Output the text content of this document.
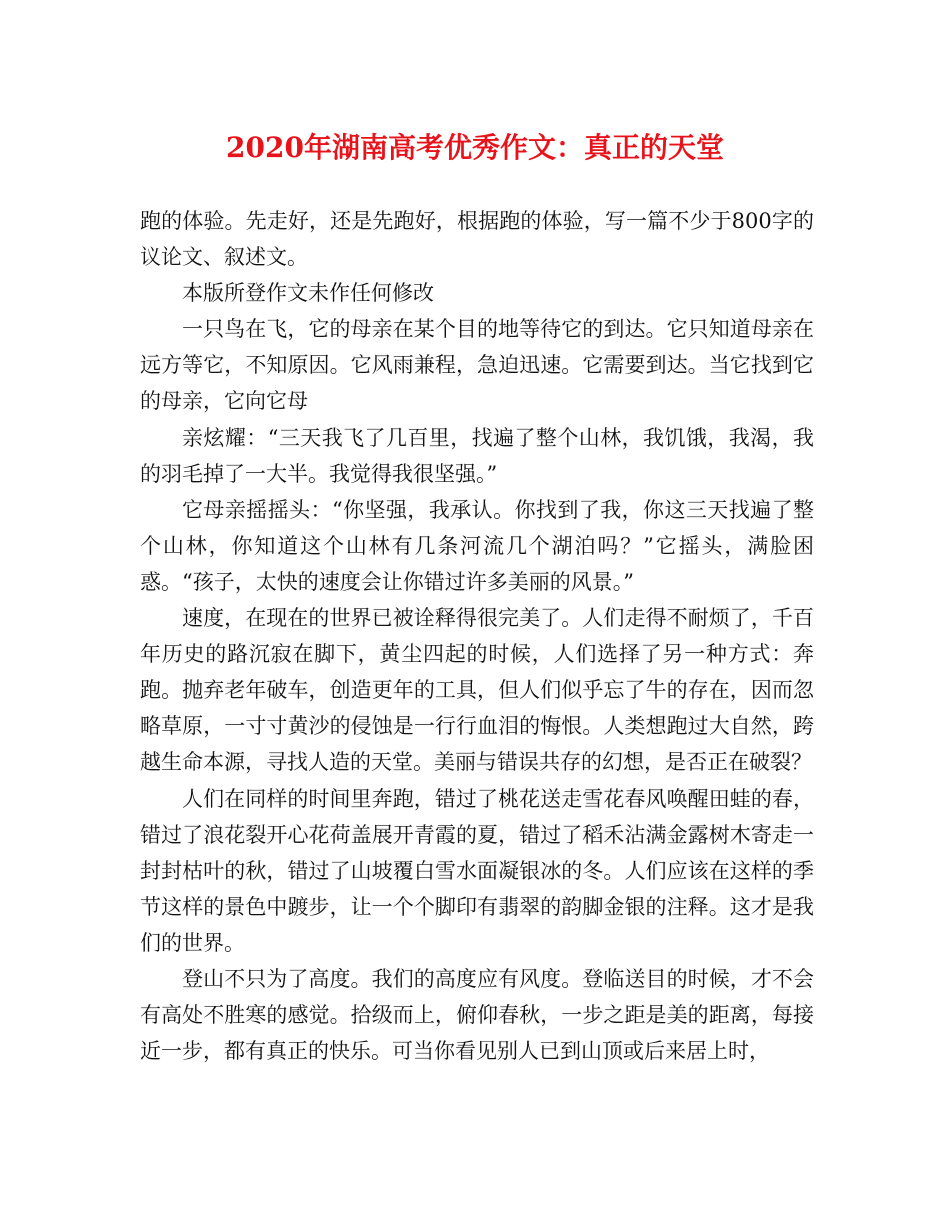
2020年湖南高考优秀作文：真正的天堂

跑的体验。先走好，还是先跑好，根据跑的体验，写一篇不少于800字的议论文、叙述文。

本版所登作文未作任何修改

一只鸟在飞，它的母亲在某个目的地等待它的到达。它只知道母亲在远方等它，不知原因。它风雨兼程，急迫迅速。它需要到达。当它找到它的母亲，它向它母

亲炫耀：“三天我飞了几百里，找遍了整个山林，我饥饿，我渴，我的羽毛掉了一大半。我觉得我很坚强。”

它母亲摇摇头：“你坚强，我承认。你找到了我，你这三天找遍了整个山林，你知道这个山林有几条河流几个湖泊吗？”它摇头，满脸困惑。“孩子，太快的速度会让你错过许多美丽的风景。”

速度，在现在的世界已被诠释得很完美了。人们走得不耐烦了，千百年历史的路沉寂在脚下，黄尘四起的时候，人们选择了另一种方式：奔跑。抛弃老年破车，创造更年的工具，但人们似乎忘了牛的存在，因而忽略草原，一寸寸黄沙的侵蚀是一行行血泪的悔恨。人类想跑过大自然，跨越生命本源，寻找人造的天堂。美丽与错误共存的幻想，是否正在破裂？

人们在同样的时间里奔跑，错过了桃花送走雪花春风唤醒田蛙的春，错过了浪花裂开心花荷盖展开青霞的夏，错过了稻禾沾满金露树木寄走一封封枯叶的秋，错过了山坡覆白雪水面凝银冰的冬。人们应该在这样的季节这样的景色中踱步，让一个个脚印有翡翠的韵脚金银的注释。这才是我们的世界。

登山不只为了高度。我们的高度应有风度。登临送目的时候，才不会有高处不胜寒的感觉。拾级而上，俯仰春秋，一步之距是美的距离，每接近一步，都有真正的快乐。可当你看见别人已到山顶或后来居上时，
